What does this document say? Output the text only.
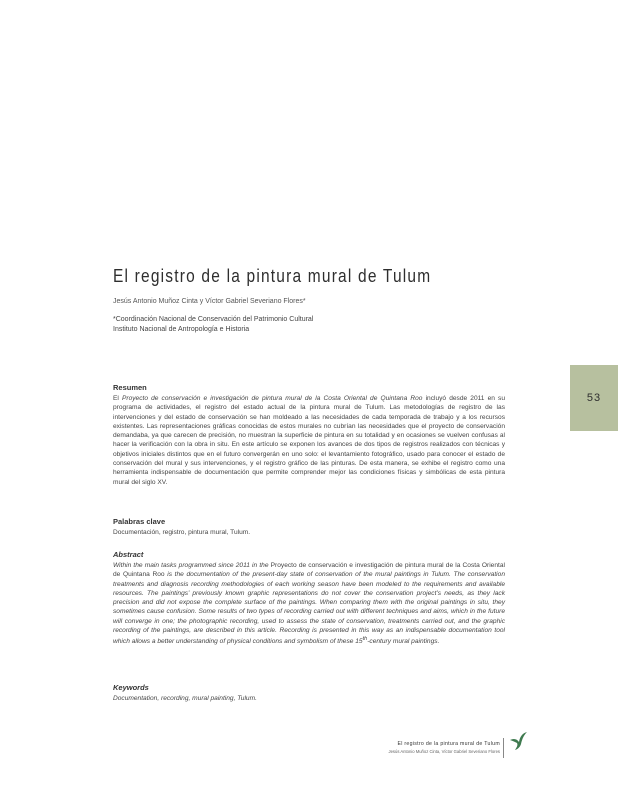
El registro de la pintura mural de Tulum
Jesús Antonio Muñoz Cinta y Víctor Gabriel Severiano Flores*
*Coordinación Nacional de Conservación del Patrimonio Cultural
Instituto Nacional de Antropología e Historia
Resumen

El Proyecto de conservación e investigación de pintura mural de la Costa Oriental de Quintana Roo incluyó desde 2011 en su programa de actividades, el registro del estado actual de la pintura mural de Tulum. Las metodologías de registro de las intervenciones y del estado de conservación se han moldeado a las necesidades de cada temporada de trabajo y a los recursos existentes. Las representaciones gráficas conocidas de estos murales no cubrían las necesidades que el proyecto de conservación demandaba, ya que carecen de precisión, no muestran la superficie de pintura en su totalidad y en ocasiones se vuelven confusas al hacer la verificación con la obra in situ. En este artículo se exponen los avances de dos tipos de registros realizados con técnicas y objetivos iniciales distintos que en el futuro convergerán en uno solo: el levantamiento fotográfico, usado para conocer el estado de conservación del mural y sus intervenciones, y el registro gráfico de las pinturas. De esta manera, se exhibe el registro como una herramienta indispensable de documentación que permite comprender mejor las condiciones físicas y simbólicas de esta pintura mural del siglo XV.

Palabras clave

Documentación, registro, pintura mural, Tulum.

Abstract

Within the main tasks programmed since 2011 in the Proyecto de conservación e investigación de pintura mural de la Costa Oriental de Quintana Roo is the documentation of the present-day state of conservation of the mural paintings in Tulum. The conservation treatments and diagnosis recording methodologies of each working season have been modeled to the requirements and available resources. The paintings’ previously known graphic representations do not cover the conservation project’s needs, as they lack precision and did not expose the complete surface of the paintings. When comparing them with the original paintings in situ, they sometimes cause confusion. Some results of two types of recording carried out with different techniques and aims, which in the future will converge in one; the photographic recording, used to assess the state of conservation, treatments carried out, and the graphic recording of the paintings, are described in this article. Recording is presented in this way as an indispensable documentation tool which allows a better understanding of physical conditions and symbolism of these 15th-century mural paintings.

Keywords

Documentation, recording, mural painting, Tulum.

53
El registro de la pintura mural de Tulum
Jesús Antonio Muñoz Cinta, Víctor Gabriel Severiano Flores
